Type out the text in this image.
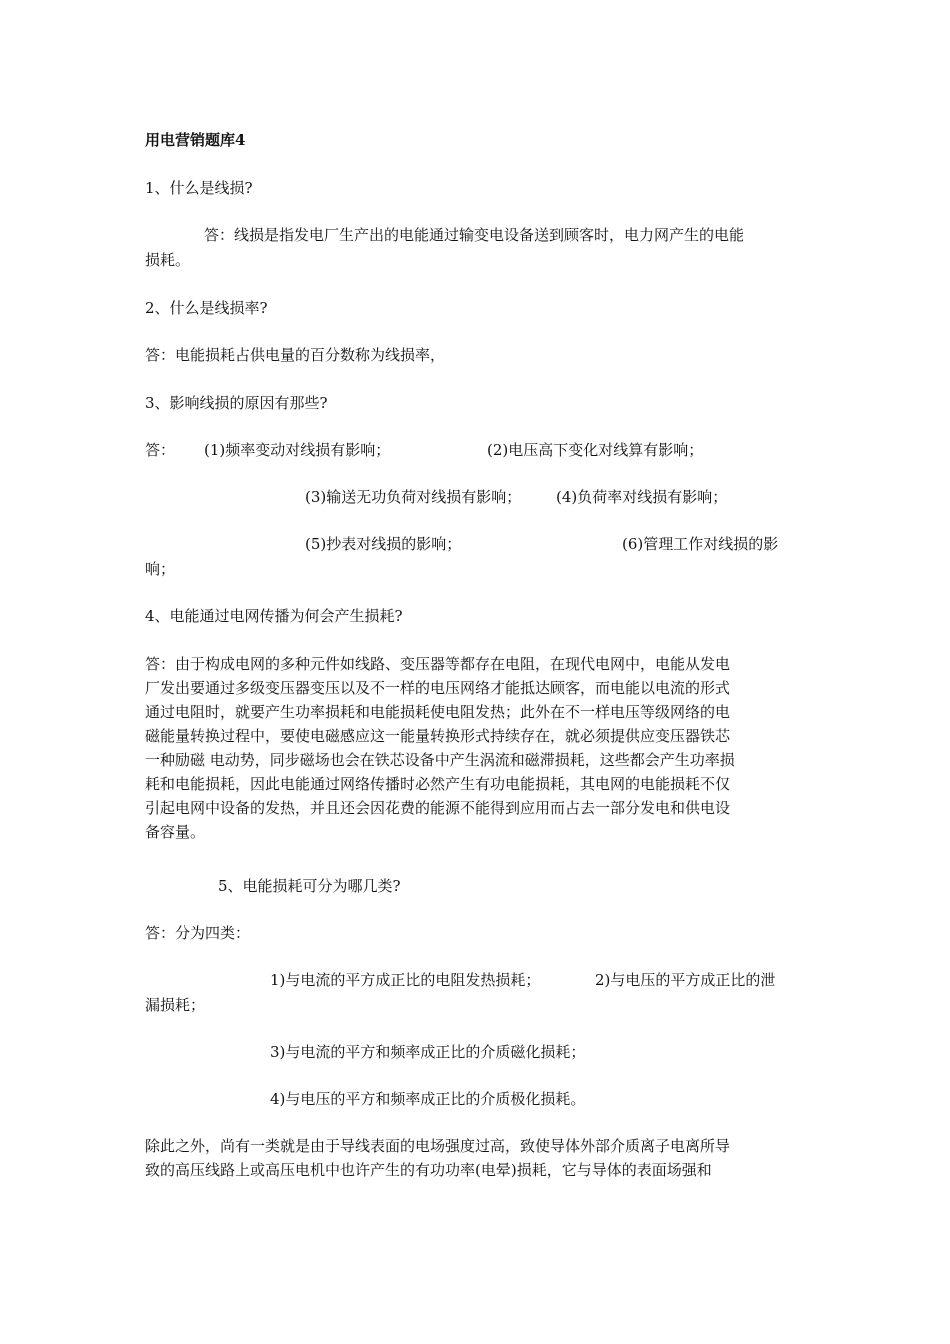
用电营销题库4

1、什么是线损?

答：线损是指发电厂生产出的电能通过输变电设备送到顾客时，电力网产生的电能

损耗。

2、什么是线损率?

答：电能损耗占供电量的百分数称为线损率，

3、影响线损的原因有那些?

答： (1)频率变动对线损有影响；	(2)电压高下变化对线算有影响；

(3)输送无功负荷对线损有影响； (4)负荷率对线损有影响；

(5)抄表对线损的影响；	(6)管理工作对线损的影

响；

4、电能通过电网传播为何会产生损耗?

答：由于构成电网的多种元件如线路、变压器等都存在电阻，在现代电网中，电能从发电
厂发出要通过多级变压器变压以及不一样的电压网络才能抵达顾客，而电能以电流的形式
通过电阻时，就要产生功率损耗和电能损耗使电阻发热；此外在不一样电压等级网络的电
磁能量转换过程中，要使电磁感应这一能量转换形式持续存在，就必须提供应变压器铁芯
一种励磁 电动势，同步磁场也会在铁芯设备中产生涡流和磁滞损耗，这些都会产生功率损
耗和电能损耗，因此电能通过网络传播时必然产生有功电能损耗，其电网的电能损耗不仅
引起电网中设备的发热，并且还会因花费的能源不能得到应用而占去一部分发电和供电设
备容量。

5、电能损耗可分为哪几类?

答：分为四类：

1)与电流的平方成正比的电阻发热损耗；	2)与电压的平方成正比的泄

漏损耗；

3)与电流的平方和频率成正比的介质磁化损耗；

4)与电压的平方和频率成正比的介质极化损耗。

除此之外，尚有一类就是由于导线表面的电场强度过高，致使导体外部介质离子电离所导
致的高压线路上或高压电机中也许产生的有功功率(电晕)损耗，它与导体的表面场强和
